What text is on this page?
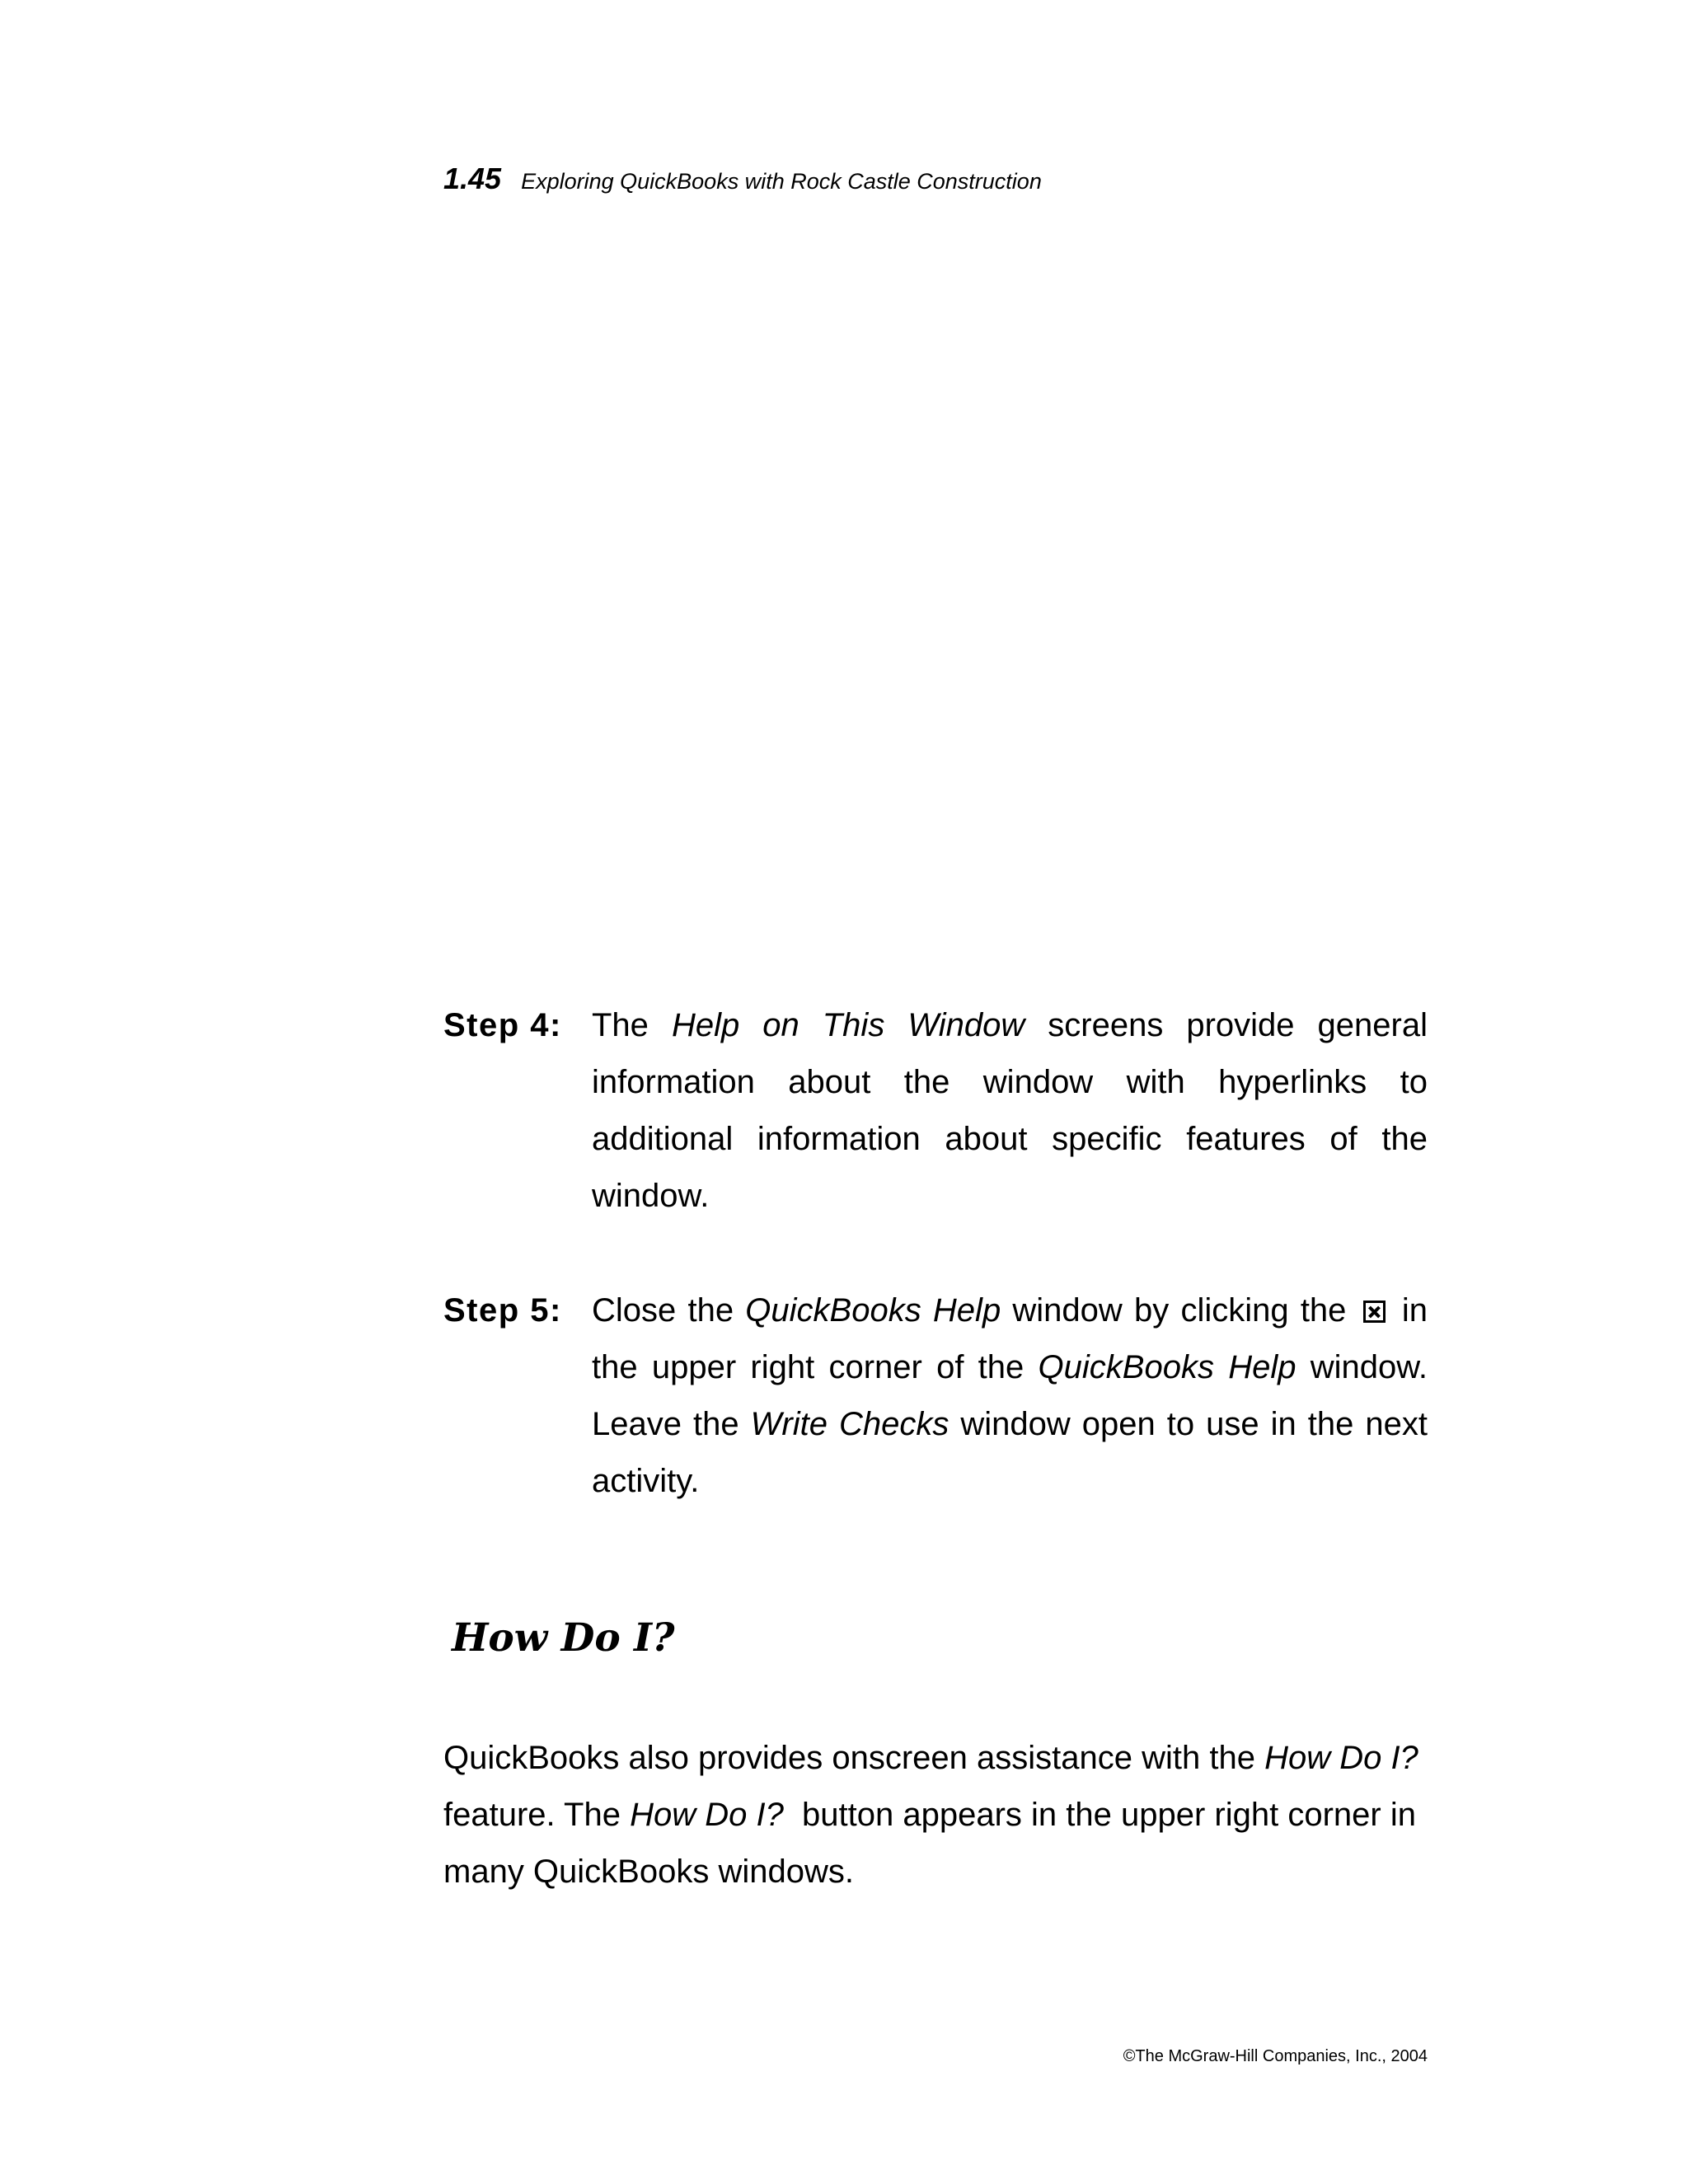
1.45 Exploring QuickBooks with Rock Castle Construction
Step 4: The Help on This Window screens provide general information about the window with hyperlinks to additional information about specific features of the window.
Step 5: Close the QuickBooks Help window by clicking the in the upper right corner of the QuickBooks Help window. Leave the Write Checks window open to use in the next activity.
How Do I?

QuickBooks also provides onscreen assistance with the How Do I? feature. The How Do I?  button appears in the upper right corner in many QuickBooks windows.

©The McGraw-Hill Companies, Inc., 2004
